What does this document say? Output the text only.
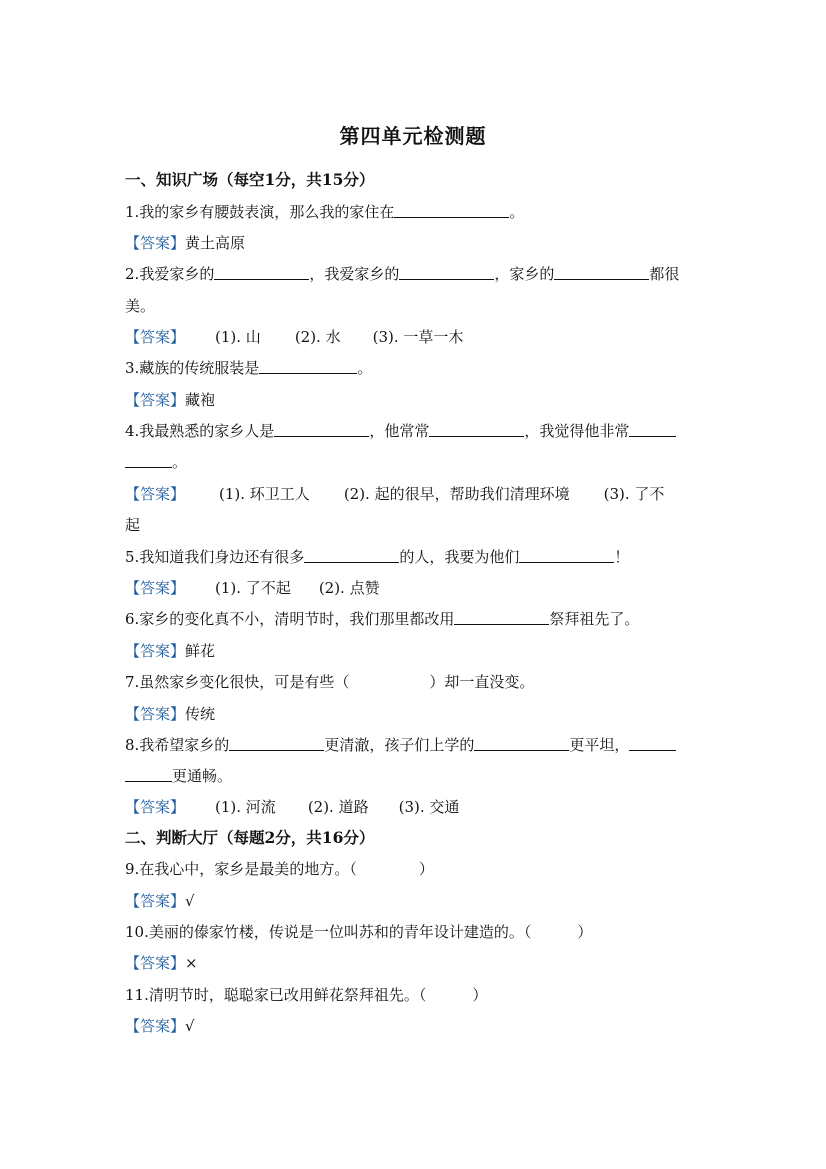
第四单元检测题
一、知识广场（每空1分，共15分）
1.我的家乡有腰鼓表演，那么我的家住在	。
【答案】黄土高原
2.我爱家乡的	，我爱家乡的	，家乡的	都很
美。
【答案】 (1). 山 (2). 水 (3). 一草一木
3.藏族的传统服装是	。
【答案】藏袍
4.我最熟悉的家乡人是	，他常常	，我觉得他非常
。
【答案】 (1). 环卫工人 (2). 起的很早，帮助我们清理环境 (3). 了不
起
5.我知道我们身边还有很多	的人，我要为他们	！
【答案】 (1). 了不起 (2). 点赞
6.家乡的变化真不小，清明节时，我们那里都改用	祭拜祖先了。
【答案】鲜花
7.虽然家乡变化很快，可是有些（	）却一直没变。
【答案】传统
8.我希望家乡的	更清澈，孩子们上学的	更平坦，
更通畅。
【答案】 (1). 河流 (2). 道路 (3). 交通
二、判断大厅（每题2分，共16分）
9.在我心中，家乡是最美的地方。（	）
【答案】√
10.美丽的傣家竹楼，传说是一位叫苏和的青年设计建造的。（	）
【答案】×
11.清明节时，聪聪家已改用鲜花祭拜祖先。（	）
【答案】√
